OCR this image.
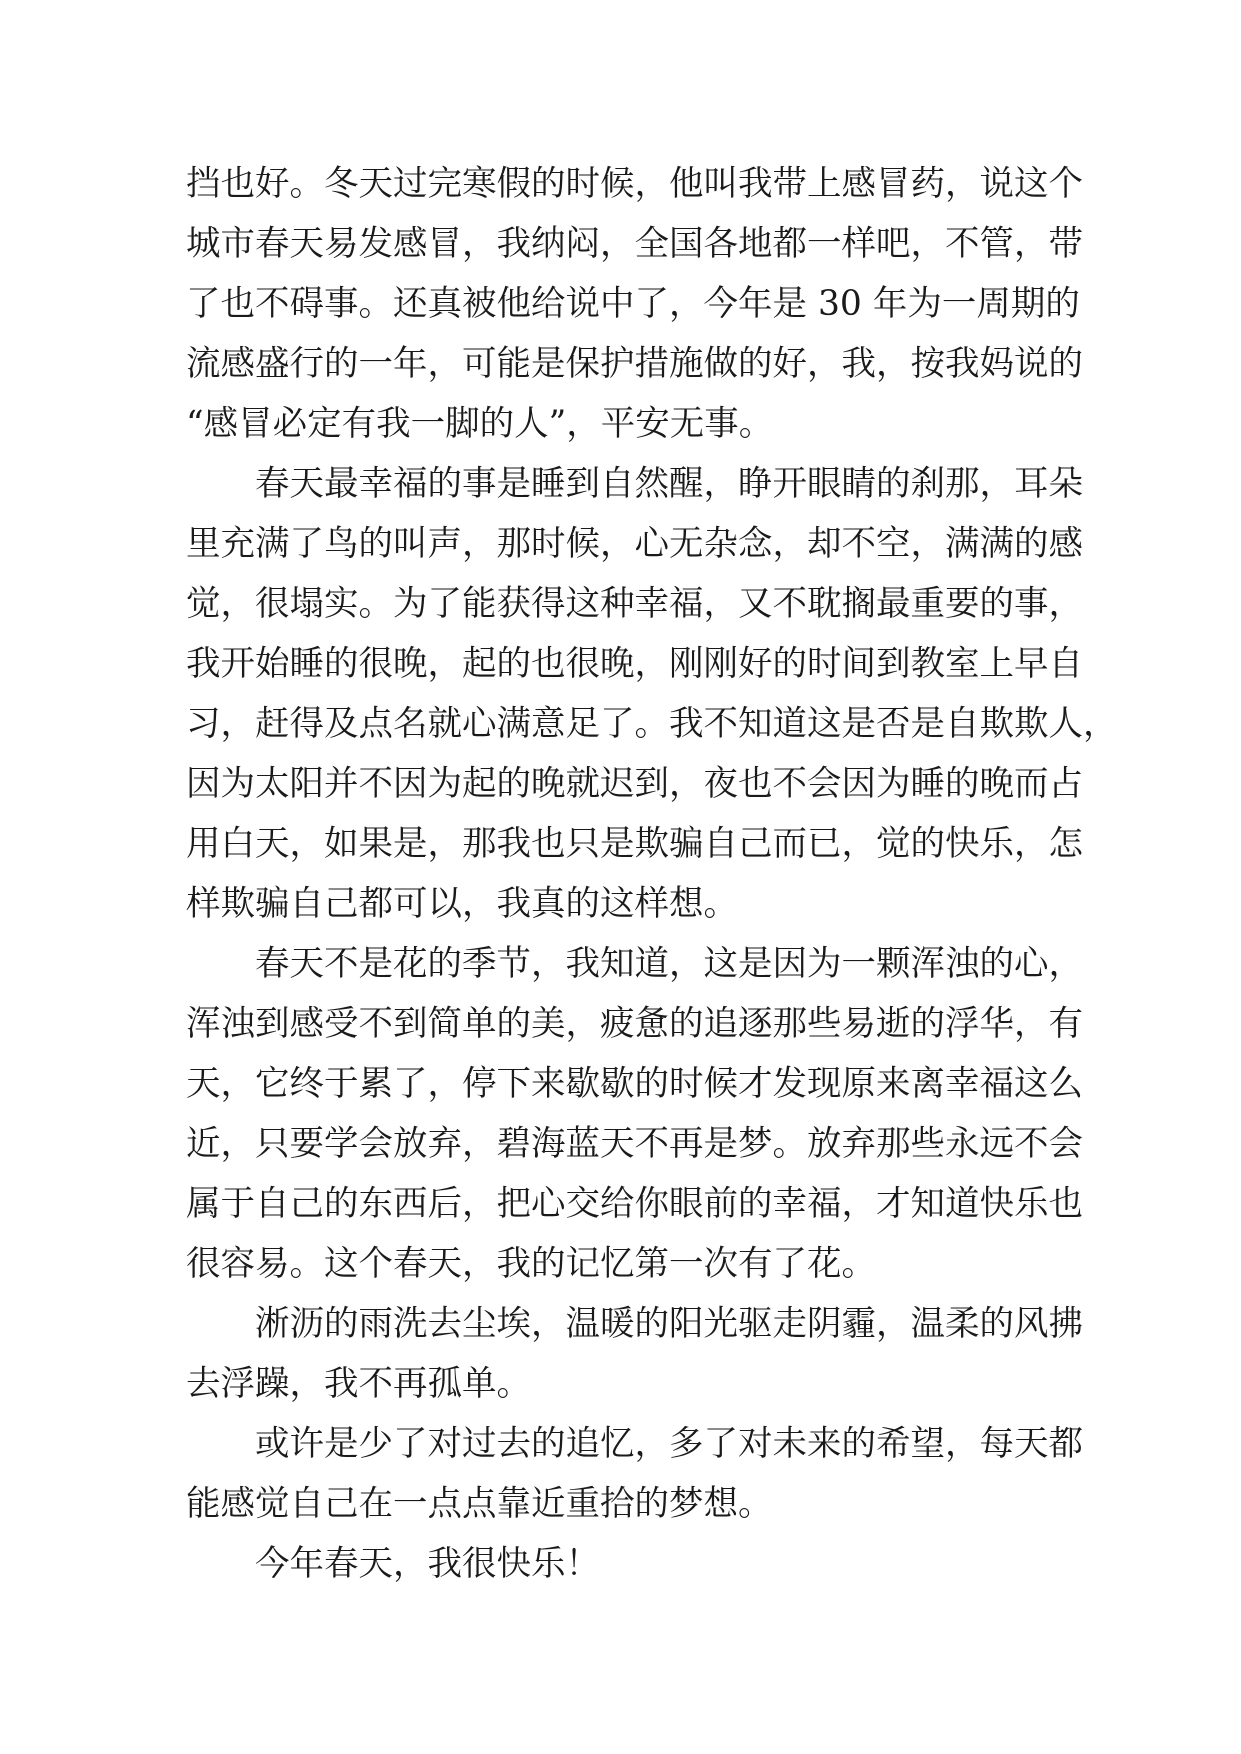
挡也好。冬天过完寒假的时候，他叫我带上感冒药，说这个
城市春天易发感冒，我纳闷，全国各地都一样吧，不管，带
了也不碍事。还真被他给说中了，今年是 30 年为一周期的
流感盛行的一年，可能是保护措施做的好，我，按我妈说的
“感冒必定有我一脚的人”，平安无事。
春天最幸福的事是睡到自然醒，睁开眼睛的刹那，耳朵
里充满了鸟的叫声，那时候，心无杂念，却不空，满满的感
觉，很塌实。为了能获得这种幸福，又不耽搁最重要的事，
我开始睡的很晚，起的也很晚，刚刚好的时间到教室上早自
习，赶得及点名就心满意足了。我不知道这是否是自欺欺人，
因为太阳并不因为起的晚就迟到，夜也不会因为睡的晚而占
用白天，如果是，那我也只是欺骗自己而已，觉的快乐，怎
样欺骗自己都可以，我真的这样想。
春天不是花的季节，我知道，这是因为一颗浑浊的心，
浑浊到感受不到简单的美，疲惫的追逐那些易逝的浮华，有
天，它终于累了，停下来歇歇的时候才发现原来离幸福这么
近，只要学会放弃，碧海蓝天不再是梦。放弃那些永远不会
属于自己的东西后，把心交给你眼前的幸福，才知道快乐也
很容易。这个春天，我的记忆第一次有了花。
淅沥的雨洗去尘埃，温暖的阳光驱走阴霾，温柔的风拂
去浮躁，我不再孤单。
或许是少了对过去的追忆，多了对未来的希望，每天都
能感觉自己在一点点靠近重拾的梦想。
今年春天，我很快乐！
